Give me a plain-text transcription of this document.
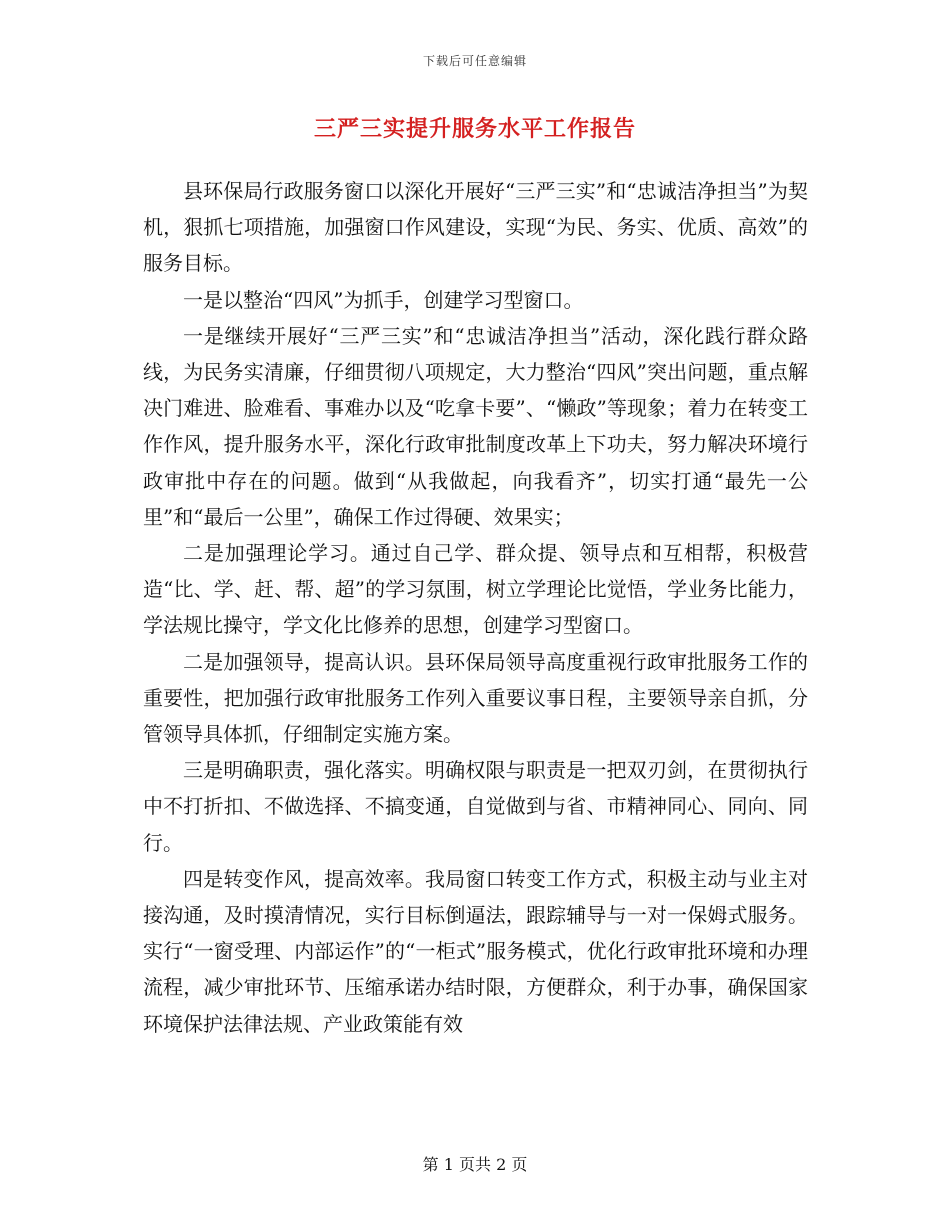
下载后可任意编辑
三严三实提升服务水平工作报告

县环保局行政服务窗口以深化开展好“三严三实”和“忠诚洁净担当”为契机，狠抓七项措施，加强窗口作风建设，实现“为民、务实、优质、高效”的服务目标。

一是以整治“四风”为抓手，创建学习型窗口。

一是继续开展好“三严三实”和“忠诚洁净担当”活动，深化践行群众路线，为民务实清廉，仔细贯彻八项规定，大力整治“四风”突出问题，重点解决门难进、脸难看、事难办以及“吃拿卡要”、“懒政”等现象；着力在转变工作作风，提升服务水平，深化行政审批制度改革上下功夫，努力解决环境行政审批中存在的问题。做到“从我做起，向我看齐”，切实打通“最先一公里”和“最后一公里”，确保工作过得硬、效果实；

二是加强理论学习。通过自己学、群众提、领导点和互相帮，积极营造“比、学、赶、帮、超”的学习氛围，树立学理论比觉悟，学业务比能力，学法规比操守，学文化比修养的思想，创建学习型窗口。

二是加强领导，提高认识。县环保局领导高度重视行政审批服务工作的重要性，把加强行政审批服务工作列入重要议事日程，主要领导亲自抓，分管领导具体抓，仔细制定实施方案。

三是明确职责，强化落实。明确权限与职责是一把双刃剑，在贯彻执行中不打折扣、不做选择、不搞变通，自觉做到与省、市精神同心、同向、同行。

四是转变作风，提高效率。我局窗口转变工作方式，积极主动与业主对接沟通，及时摸清情况，实行目标倒逼法，跟踪辅导与一对一保姆式服务。实行“一窗受理、内部运作”的“一柜式”服务模式，优化行政审批环境和办理流程，减少审批环节、压缩承诺办结时限，方便群众，利于办事，确保国家环境保护法律法规、产业政策能有效

第 1 页共 2 页
